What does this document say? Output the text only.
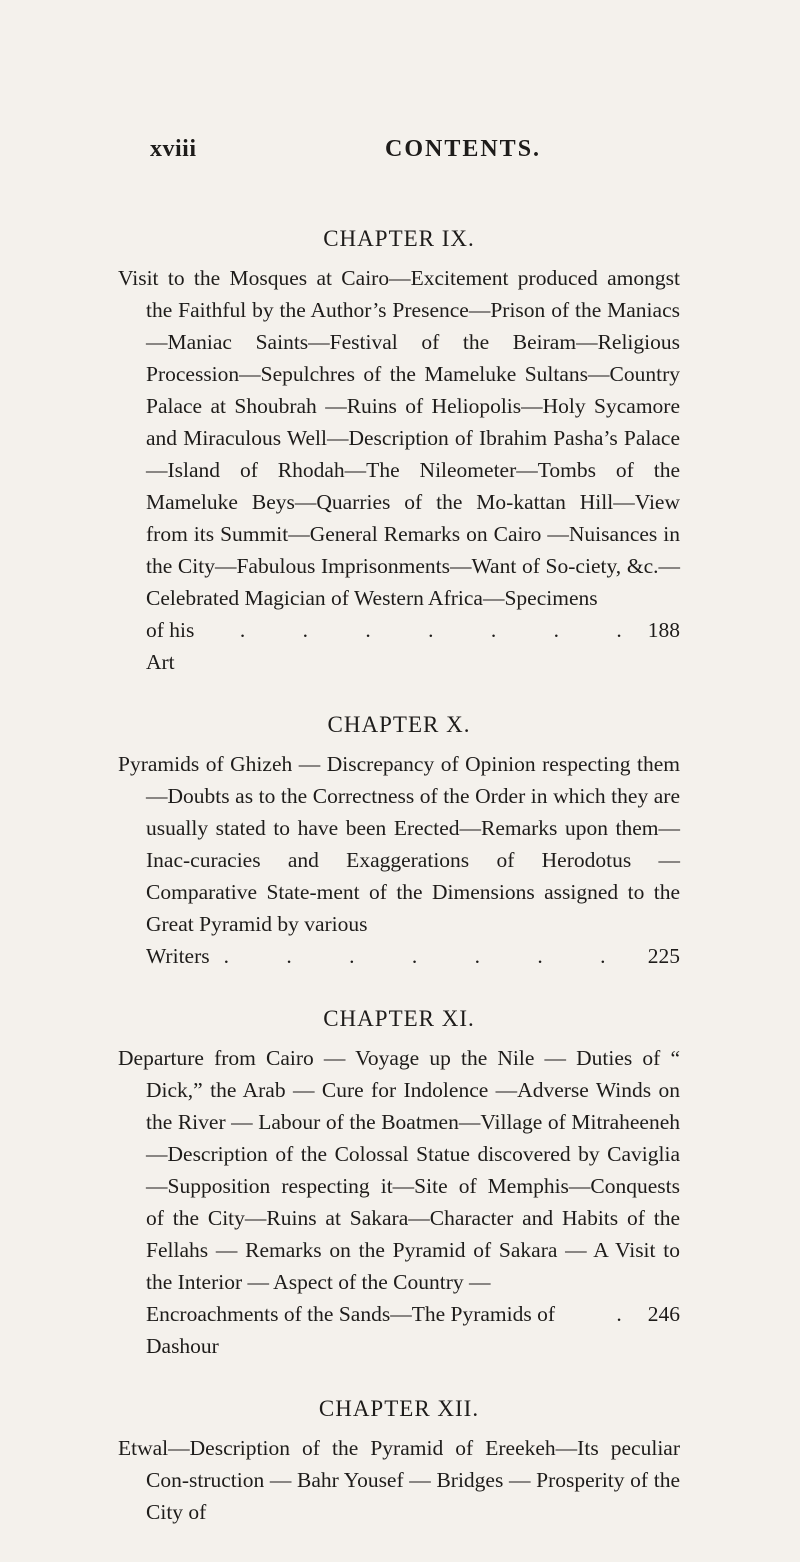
xviii	CONTENTS.
CHAPTER IX.

Visit to the Mosques at Cairo—Excitement produced amongst the Faithful by the Author’s Presence—Prison of the Maniacs—Maniac Saints—Festival of the Beiram—Religious Procession—Sepulchres of the Mameluke Sultans—Country Palace at Shoubrah —Ruins of Heliopolis—Holy Sycamore and Miraculous Well—Description of Ibrahim Pasha’s Palace—Island of Rhodah—The Nileometer—Tombs of the Mameluke Beys—Quarries of the Mo-kattan Hill—View from its Summit—General Remarks on Cairo —Nuisances in the City—Fabulous Imprisonments—Want of So-ciety, &c.—Celebrated Magician of Western Africa—Specimens

of his Art
. . . . . . . 188
CHAPTER X.

Pyramids of Ghizeh — Discrepancy of Opinion respecting them—Doubts as to the Correctness of the Order in which they are usually stated to have been Erected—Remarks upon them—Inac-curacies and Exaggerations of Herodotus — Comparative State-ment of the Dimensions assigned to the Great Pyramid by various

Writers . . . . . . . 225
CHAPTER XI.

Departure from Cairo — Voyage up the Nile — Duties of “ Dick,” the Arab — Cure for Indolence —Adverse Winds on the River — Labour of the Boatmen—Village of Mitraheeneh—Description of the Colossal Statue discovered by Caviglia—Supposition respecting it—Site of Memphis—Conquests of the City—Ruins at Sakara—Character and Habits of the Fellahs — Remarks on the Pyramid of Sakara — A Visit to the Interior — Aspect of the Country —

Encroachments of the Sands—The Pyramids of Dashour
. 246
CHAPTER XII.

Etwal—Description of the Pyramid of Ereekeh—Its peculiar Con-struction — Bahr Yousef — Bridges — Prosperity of the City of
